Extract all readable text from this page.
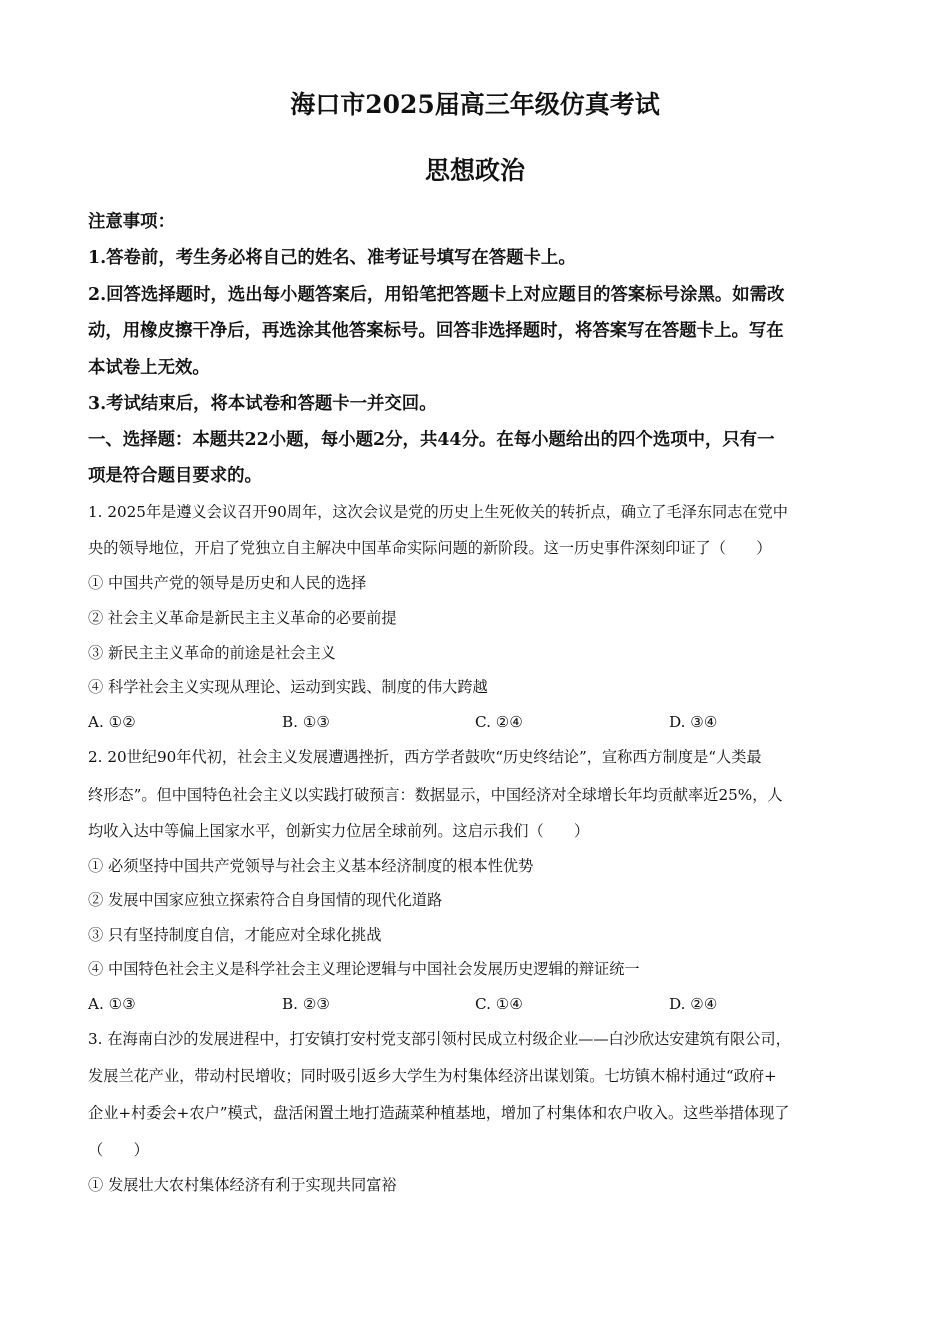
海口市2025届高三年级仿真考试
思想政治
注意事项：
1.答卷前，考生务必将自己的姓名、准考证号填写在答题卡上。
2.回答选择题时，选出每小题答案后，用铅笔把答题卡上对应题目的答案标号涂黑。如需改
动，用橡皮擦干净后，再选涂其他答案标号。回答非选择题时，将答案写在答题卡上。写在
本试卷上无效。
3.考试结束后，将本试卷和答题卡一并交回。
一、选择题：本题共22小题，每小题2分，共44分。在每小题给出的四个选项中，只有一
项是符合题目要求的。
1. 2025年是遵义会议召开90周年，这次会议是党的历史上生死攸关的转折点，确立了毛泽东同志在党中
央的领导地位，开启了党独立自主解决中国革命实际问题的新阶段。这一历史事件深刻印证了（　　）
① 中国共产党的领导是历史和人民的选择
② 社会主义革命是新民主主义革命的必要前提
③ 新民主主义革命的前途是社会主义
④ 科学社会主义实现从理论、运动到实践、制度的伟大跨越
A. ①②	B. ①③	C. ②④	D. ③④
2. 20世纪90年代初，社会主义发展遭遇挫折，西方学者鼓吹“历史终结论”，宣称西方制度是“人类最
终形态”。但中国特色社会主义以实践打破预言：数据显示，中国经济对全球增长年均贡献率近25%，人
均收入达中等偏上国家水平，创新实力位居全球前列。这启示我们（　　）
① 必须坚持中国共产党领导与社会主义基本经济制度的根本性优势
② 发展中国家应独立探索符合自身国情的现代化道路
③ 只有坚持制度自信，才能应对全球化挑战
④ 中国特色社会主义是科学社会主义理论逻辑与中国社会发展历史逻辑的辩证统一
A. ①③	B. ②③	C. ①④	D. ②④
3. 在海南白沙的发展进程中，打安镇打安村党支部引领村民成立村级企业——白沙欣达安建筑有限公司，
发展兰花产业，带动村民增收；同时吸引返乡大学生为村集体经济出谋划策。七坊镇木棉村通过“政府+
企业+村委会+农户”模式，盘活闲置土地打造蔬菜种植基地，增加了村集体和农户收入。这些举措体现了
（　　）
① 发展壮大农村集体经济有利于实现共同富裕
